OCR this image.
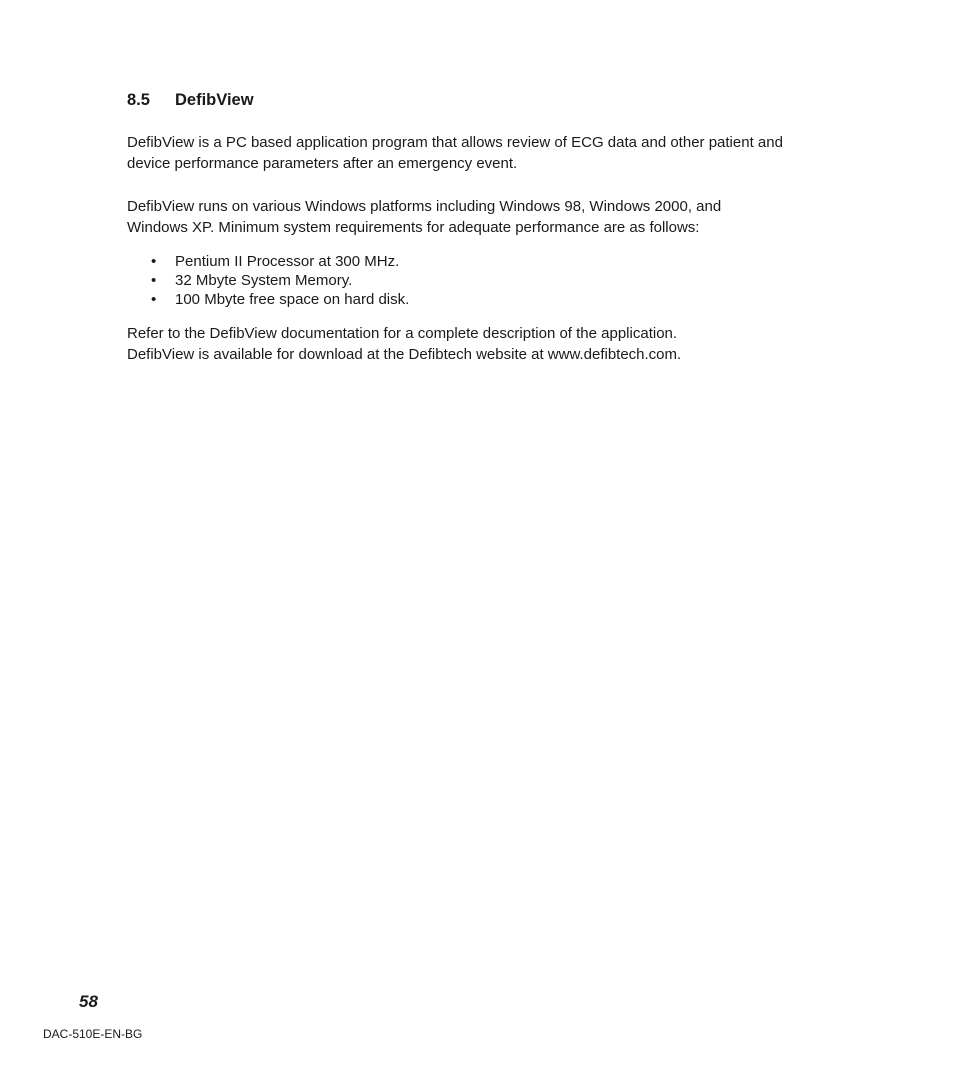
8.5 DefibView

DefibView is a PC based application program that allows review of ECG data and other patient and
device performance parameters after an emergency event.

DefibView runs on various Windows platforms including Windows 98, Windows 2000, and
Windows XP. Minimum system requirements for adequate performance are as follows:

• Pentium II Processor at 300 MHz.
• 32 Mbyte System Memory.
• 100 Mbyte free space on hard disk.

Refer to the DefibView documentation for a complete description of the application.
DefibView is available for download at the Defibtech website at www.defibtech.com.

58
DAC-510E-EN-BG
